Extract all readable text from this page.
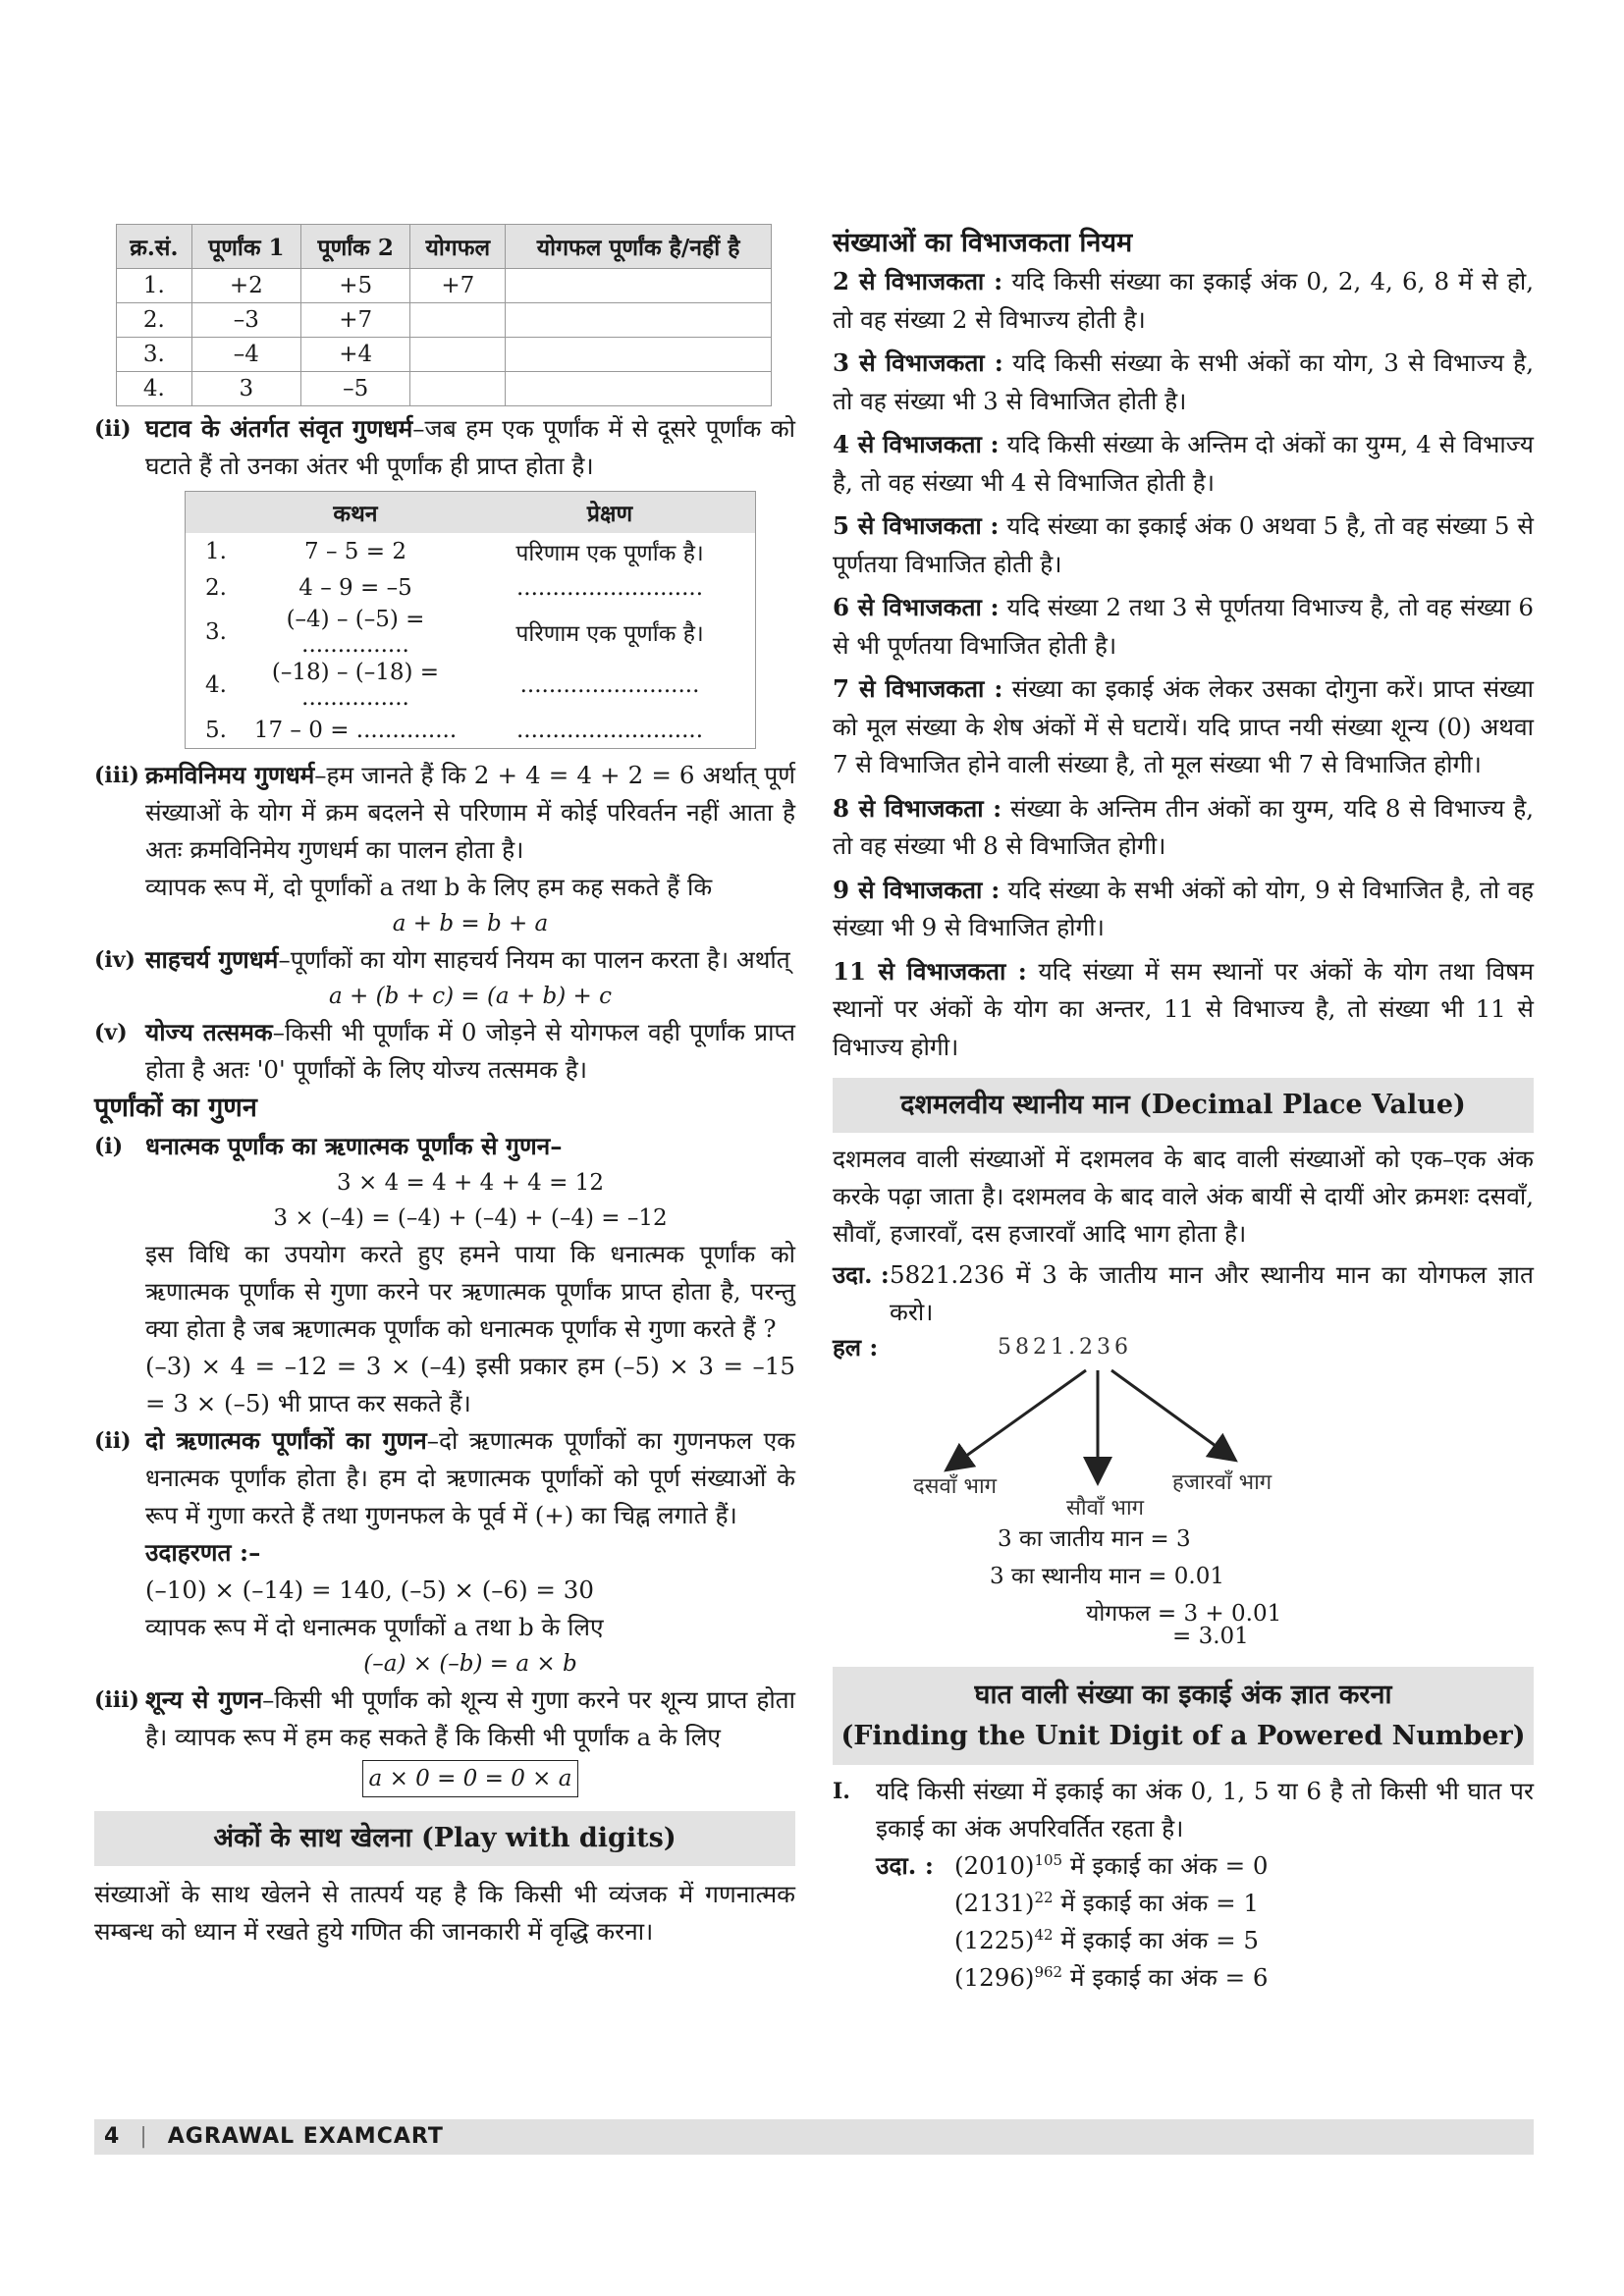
क्र.सं.	पूर्णांक 1	पूर्णांक 2	योगफल	योगफल पूर्णांक है/नहीं है
1.	+2	+5	+7	
2.	–3	+7		
3.	–4	+4		
4.	3	–5		
(ii) घटाव के अंतर्गत संवृत गुणधर्म–जब हम एक पूर्णांक में से दूसरे पूर्णांक को घटाते हैं तो उनका अंतर भी पूर्णांक ही प्राप्त होता है।
	कथन	प्रेक्षण
1.	7 – 5 = 2	परिणाम एक पूर्णांक है।
2.	4 – 9 = –5	..........................
3.	(–4) – (–5) = ...............	परिणाम एक पूर्णांक है।
4.	(–18) – (–18) = ...............	.........................
5.	17 – 0 = ..............	..........................
(iii) क्रमविनिमय गुणधर्म–हम जानते हैं कि 2 + 4 = 4 + 2 = 6 अर्थात् पूर्ण संख्याओं के योग में क्रम बदलने से परिणाम में कोई परिवर्तन नहीं आता है अतः क्रमविनिमेय गुणधर्म का पालन होता है।

व्यापक रूप में, दो पूर्णांकों a तथा b के लिए हम कह सकते हैं कि

a + b = b + a

(iv) साहचर्य गुणधर्म–पूर्णांकों का योग साहचर्य नियम का पालन करता है। अर्थात्

a + (b + c) = (a + b) + c

(v) योज्य तत्समक–किसी भी पूर्णांक में 0 जोड़ने से योगफल वही पूर्णांक प्राप्त होता है अतः '0' पूर्णांकों के लिए योज्य तत्समक है।

पूर्णांकों का गुणन

(i) धनात्मक पूर्णांक का ऋणात्मक पूर्णांक से गुणन–

3 × 4 = 4 + 4 + 4 = 12

3 × (–4) = (–4) + (–4) + (–4) = –12

इस विधि का उपयोग करते हुए हमने पाया कि धनात्मक पूर्णांक को ऋणात्मक पूर्णांक से गुणा करने पर ऋणात्मक पूर्णांक प्राप्त होता है, परन्तु क्या होता है जब ऋणात्मक पूर्णांक को धनात्मक पूर्णांक से गुणा करते हैं ?

(–3) × 4 = –12 = 3 × (–4) इसी प्रकार हम (–5) × 3 = –15 = 3 × (–5) भी प्राप्त कर सकते हैं।

(ii) दो ऋणात्मक पूर्णांकों का गुणन–दो ऋणात्मक पूर्णांकों का गुणनफल एक धनात्मक पूर्णांक होता है। हम दो ऋणात्मक पूर्णांकों को पूर्ण संख्याओं के रूप में गुणा करते हैं तथा गुणनफल के पूर्व में (+) का चिह्न लगाते हैं।

उदाहरणत :–

(–10) × (–14) = 140, (–5) × (–6) = 30

व्यापक रूप में दो धनात्मक पूर्णांकों a तथा b के लिए

(–a) × (–b) = a × b

(iii) शून्य से गुणन–किसी भी पूर्णांक को शून्य से गुणा करने पर शून्य प्राप्त होता है। व्यापक रूप में हम कह सकते हैं कि किसी भी पूर्णांक a के लिए

a × 0 = 0 = 0 × a

अंकों के साथ खेलना (Play with digits)

संख्याओं के साथ खेलने से तात्पर्य यह है कि किसी भी व्यंजक में गणनात्मक सम्बन्ध को ध्यान में रखते हुये गणित की जानकारी में वृद्धि करना।

संख्याओं का विभाजकता नियम

2 से विभाजकता : यदि किसी संख्या का इकाई अंक 0, 2, 4, 6, 8 में से हो, तो वह संख्या 2 से विभाज्य होती है।
3 से विभाजकता : यदि किसी संख्या के सभी अंकों का योग, 3 से विभाज्य है, तो वह संख्या भी 3 से विभाजित होती है।
4 से विभाजकता : यदि किसी संख्या के अन्तिम दो अंकों का युग्म, 4 से विभाज्य है, तो वह संख्या भी 4 से विभाजित होती है।
5 से विभाजकता : यदि संख्या का इकाई अंक 0 अथवा 5 है, तो वह संख्या 5 से पूर्णतया विभाजित होती है।
6 से विभाजकता : यदि संख्या 2 तथा 3 से पूर्णतया विभाज्य है, तो वह संख्या 6 से भी पूर्णतया विभाजित होती है।
7 से विभाजकता : संख्या का इकाई अंक लेकर उसका दोगुना करें। प्राप्त संख्या को मूल संख्या के शेष अंकों में से घटायें। यदि प्राप्त नयी संख्या शून्य (0) अथवा 7 से विभाजित होने वाली संख्या है, तो मूल संख्या भी 7 से विभाजित होगी।
8 से विभाजकता : संख्या के अन्तिम तीन अंकों का युग्म, यदि 8 से विभाज्य है, तो वह संख्या भी 8 से विभाजित होगी।
9 से विभाजकता : यदि संख्या के सभी अंकों को योग, 9 से विभाजित है, तो वह संख्या भी 9 से विभाजित होगी।
11 से विभाजकता : यदि संख्या में सम स्थानों पर अंकों के योग तथा विषम स्थानों पर अंकों के योग का अन्तर, 11 से विभाज्य है, तो संख्या भी 11 से विभाज्य होगी।
दशमलवीय स्थानीय मान (Decimal Place Value)

दशमलव वाली संख्याओं में दशमलव के बाद वाली संख्याओं को एक–एक अंक करके पढ़ा जाता है। दशमलव के बाद वाले अंक बायीं से दायीं ओर क्रमशः दसवाँ, सौवाँ, हजारवाँ, दस हजारवाँ आदि भाग होता है।

उदा. : 5821.236 में 3 के जातीय मान और स्थानीय मान का योगफल ज्ञात करो।
हल :	5821.236
दसवाँ भाग
सौवाँ भाग
हजारवाँ भाग
3 का जातीय मान = 3
3 का स्थानीय मान = 0.01
योगफल = 3 + 0.01
= 3.01
घात वाली संख्या का इकाई अंक ज्ञात करना
(Finding the Unit Digit of a Powered Number)
I.	यदि किसी संख्या में इकाई का अंक 0, 1, 5 या 6 है तो किसी भी घात पर इकाई का अंक अपरिवर्तित रहता है।

उदा. : $(2010)^{105}$ में इकाई का अंक = 0
$(2131)^{22}$ में इकाई का अंक = 1
$(1225)^{42}$ में इकाई का अंक = 5
$(1296)^{962}$ में इकाई का अंक = 6
4 | AGRAWAL EXAMCART
